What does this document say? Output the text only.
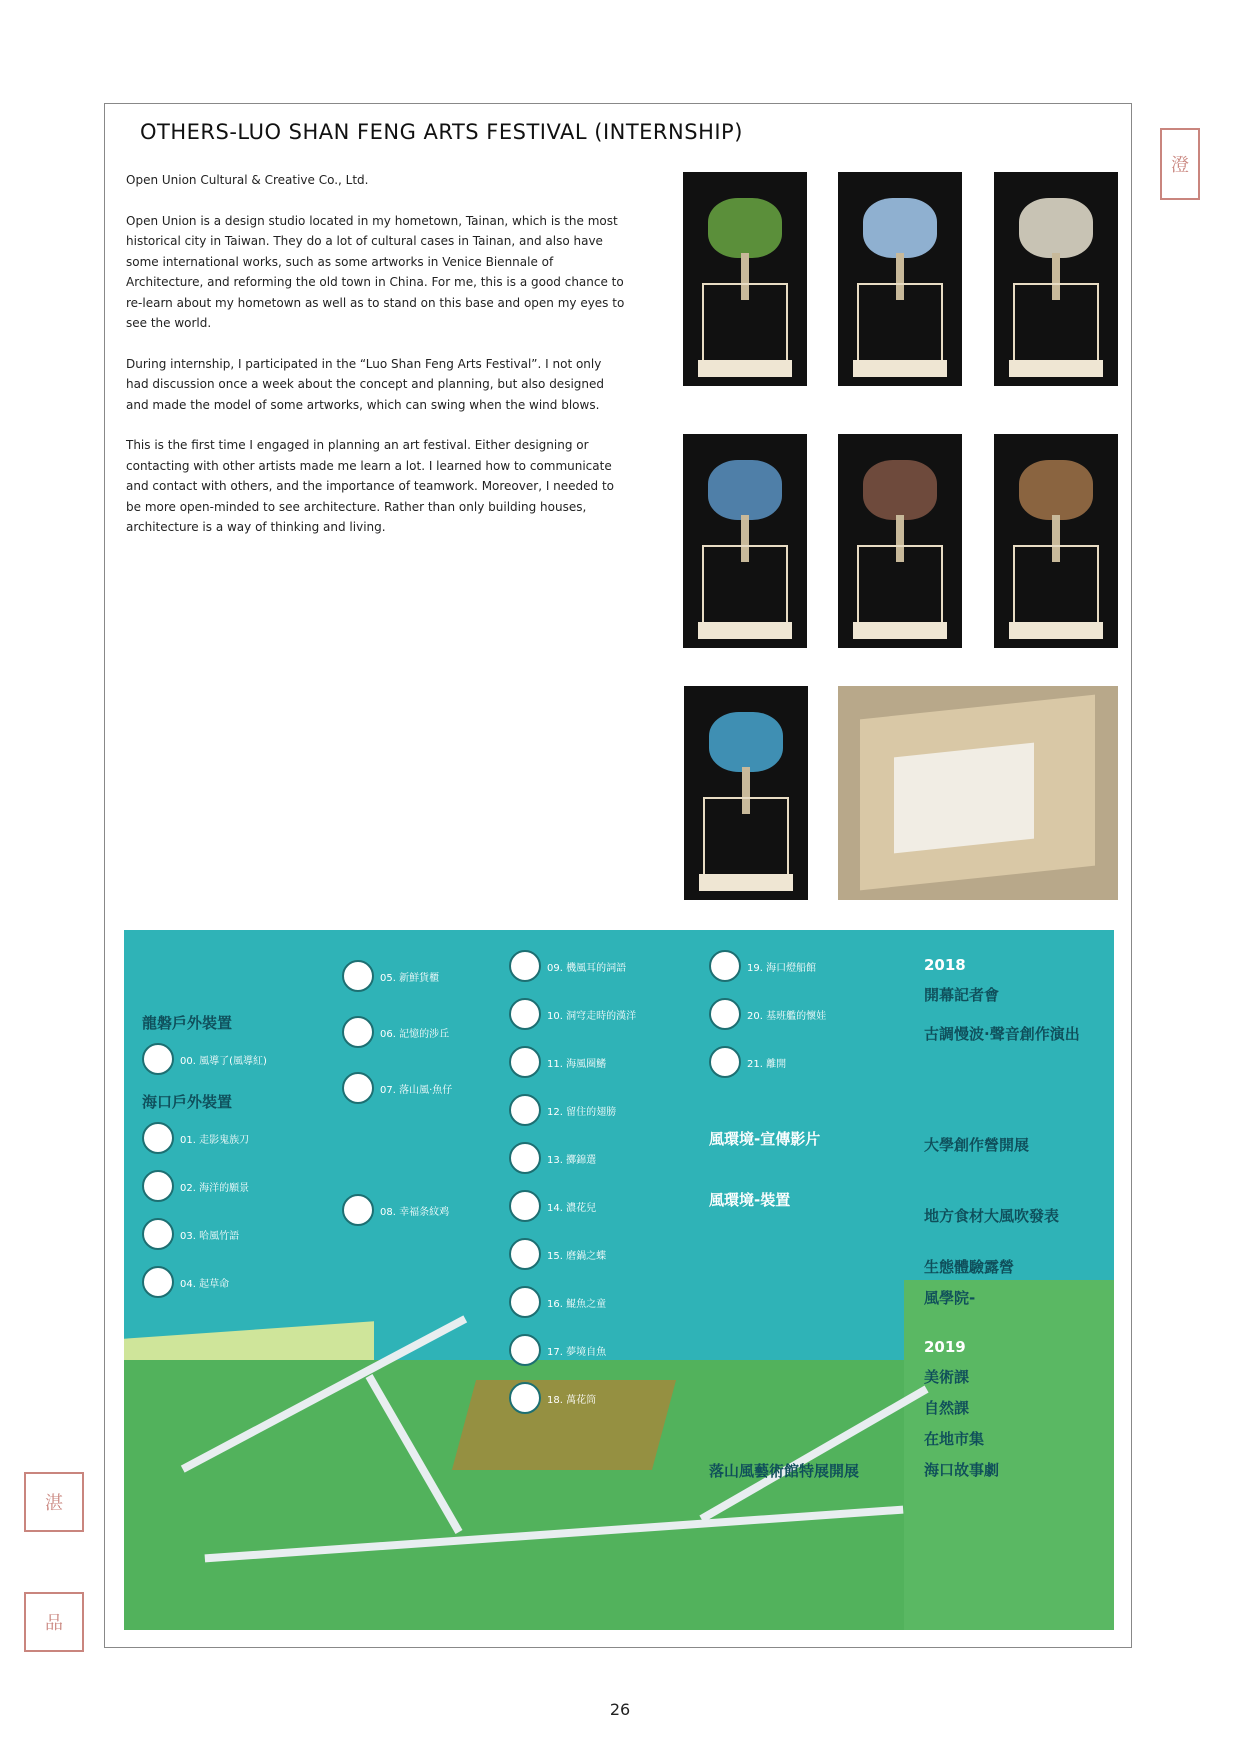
OTHERS-LUO SHAN FENG ARTS FESTIVAL (INTERNSHIP)

Open Union Cultural & Creative Co., Ltd.

Open Union is a design studio located in my hometown, Tainan, which is the most historical city in Taiwan. They do a lot of cultural cases in Tainan, and also have some international works, such as some artworks in Venice Biennale of Architecture, and reforming the old town in China. For me, this is a good chance to re-learn about my hometown as well as to stand on this base and open my eyes to see the world.

During internship, I participated in the “Luo Shan Feng Arts Festival”. I not only had discussion once a week about the concept and planning, but also designed and made the model of some artworks, which can swing when the wind blows.

This is the first time I engaged in planning an art festival. Either designing or contacting with other artists made me learn a lot. I learned how to communicate and contact with others, and the importance of teamwork. Moreover, I needed to be more open-minded to see architecture. Rather than only building houses, architecture is a way of thinking and living.

龍磐戶外裝置
00. 風導了(風導紅)
海口戶外裝置
01. 走影鬼族刀
02. 海洋的願景
03. 哈風竹語
04. 起草命
05. 新鮮貨櫃
06. 記憶的涉丘
07. 落山風·魚仔
08. 幸福条紋鸡
09. 機風耳的詞語
10. 洞穹走時的漢洋
11. 海風圈鰭
12. 留住的翅膀
13. 擲錦選
14. 濃花兒
15. 磨鍋之蝶
16. 鯤魚之童
17. 夢境自魚
18. 萬花筒
19. 海口燈船館
20. 基班艦的懷娃
21. 離開
風環境-宣傳影片
風環境-裝置
落山風藝術館特展開展
2018
開幕記者會
古調慢波·聲音創作演出
大學創作營開展
地方食材大風吹發表
生態體驗露營
風學院-
2019
美術課
自然課
在地市集
海口故事劇
澄
湛
品
26
